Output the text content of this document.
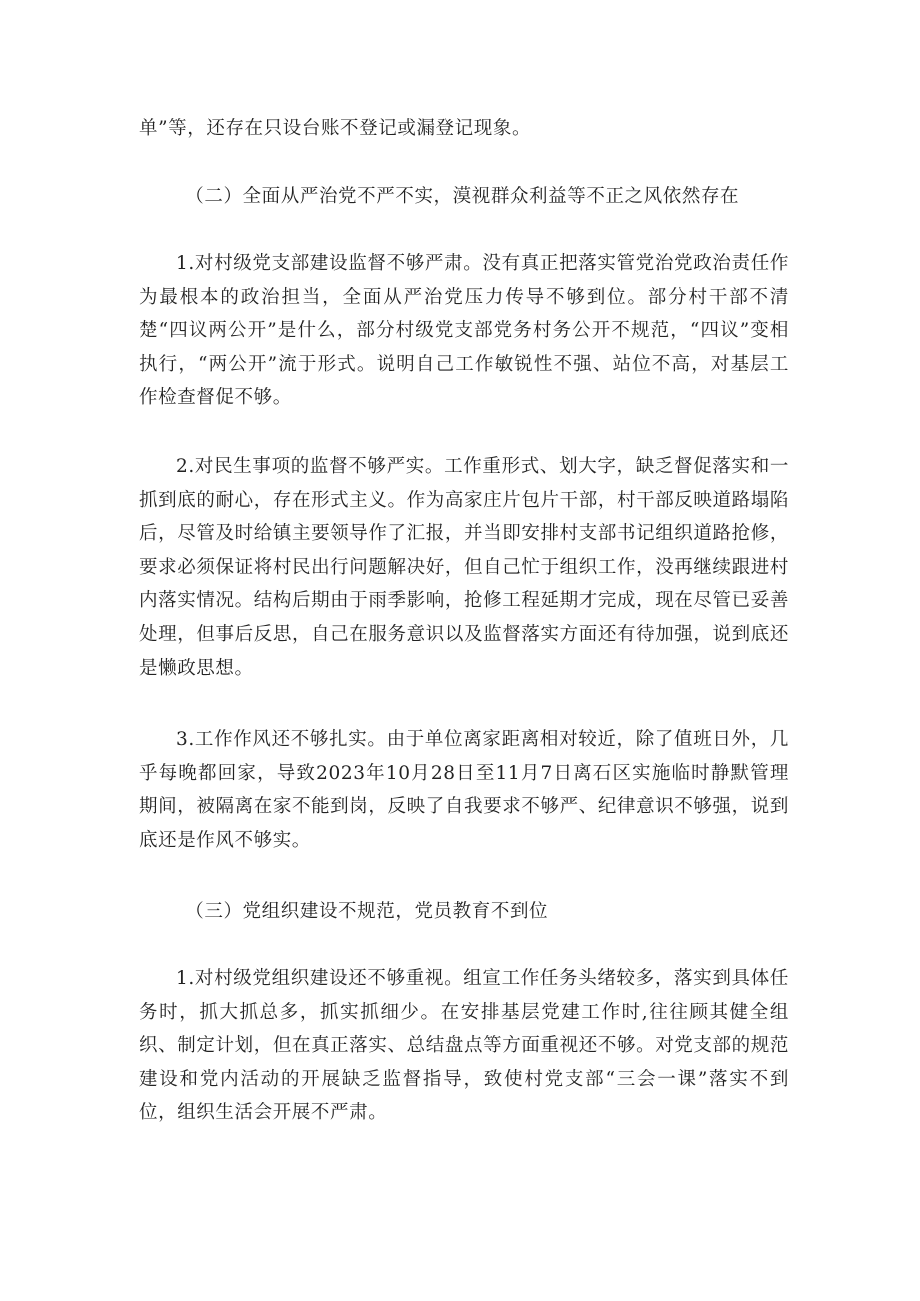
单”等，还存在只设台账不登记或漏登记现象。

（二）全面从严治党不严不实，漠视群众利益等不正之风依然存在

1.对村级党支部建设监督不够严肃。没有真正把落实管党治党政治责任作为最根本的政治担当，全面从严治党压力传导不够到位。部分村干部不清楚“四议两公开”是什么，部分村级党支部党务村务公开不规范，“四议”变相执行，“两公开”流于形式。说明自己工作敏锐性不强、站位不高，对基层工作检查督促不够。

2.对民生事项的监督不够严实。工作重形式、划大字，缺乏督促落实和一抓到底的耐心，存在形式主义。作为高家庄片包片干部，村干部反映道路塌陷后，尽管及时给镇主要领导作了汇报，并当即安排村支部书记组织道路抢修，要求必须保证将村民出行问题解决好，但自己忙于组织工作，没再继续跟进村内落实情况。结构后期由于雨季影响，抢修工程延期才完成，现在尽管已妥善处理，但事后反思，自己在服务意识以及监督落实方面还有待加强，说到底还是懒政思想。

3.工作作风还不够扎实。由于单位离家距离相对较近，除了值班日外，几乎每晚都回家，导致2023年10月28日至11月7日离石区实施临时静默管理期间，被隔离在家不能到岗，反映了自我要求不够严、纪律意识不够强，说到底还是作风不够实。

（三）党组织建设不规范，党员教育不到位

1.对村级党组织建设还不够重视。组宣工作任务头绪较多，落实到具体任务时，抓大抓总多，抓实抓细少。在安排基层党建工作时,往往顾其健全组织、制定计划，但在真正落实、总结盘点等方面重视还不够。对党支部的规范建设和党内活动的开展缺乏监督指导，致使村党支部“三会一课”落实不到位，组织生活会开展不严肃。
